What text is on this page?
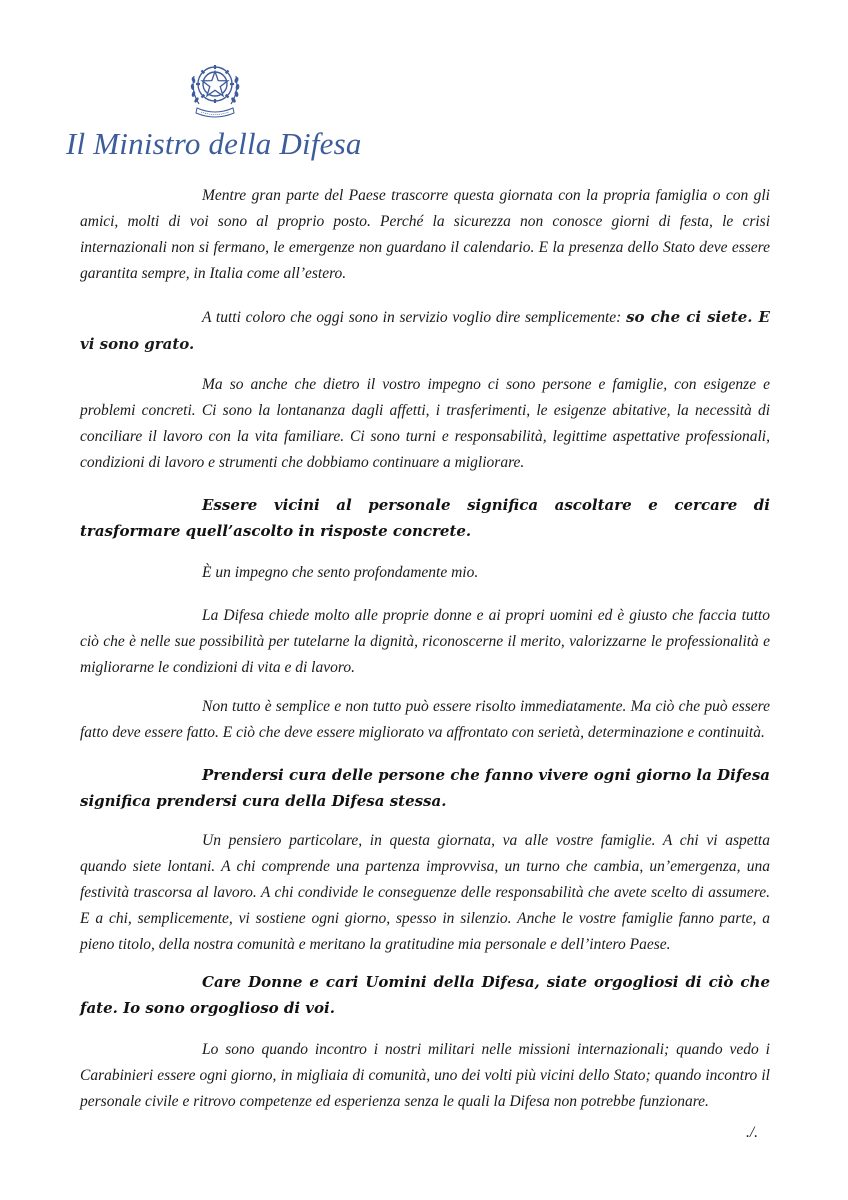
Il Ministro della Difesa

Mentre gran parte del Paese trascorre questa giornata con la propria famiglia o con gli amici, molti di voi sono al proprio posto. Perché la sicurezza non conosce giorni di festa, le crisi internazionali non si fermano, le emergenze non guardano il calendario. E la presenza dello Stato deve essere garantita sempre, in Italia come all’estero.

A tutti coloro che oggi sono in servizio voglio dire semplicemente: so che ci siete. E vi sono grato.

Ma so anche che dietro il vostro impegno ci sono persone e famiglie, con esigenze e problemi concreti. Ci sono la lontananza dagli affetti, i trasferimenti, le esigenze abitative, la necessità di conciliare il lavoro con la vita familiare. Ci sono turni e responsabilità, legittime aspettative professionali, condizioni di lavoro e strumenti che dobbiamo continuare a migliorare.

Essere vicini al personale significa ascoltare e cercare di trasformare quell’ascolto in risposte concrete.

È un impegno che sento profondamente mio.

La Difesa chiede molto alle proprie donne e ai propri uomini ed è giusto che faccia tutto ciò che è nelle sue possibilità per tutelarne la dignità, riconoscerne il merito, valorizzarne le professionalità e migliorarne le condizioni di vita e di lavoro.

Non tutto è semplice e non tutto può essere risolto immediatamente. Ma ciò che può essere fatto deve essere fatto. E ciò che deve essere migliorato va affrontato con serietà, determinazione e continuità.

Prendersi cura delle persone che fanno vivere ogni giorno la Difesa significa prendersi cura della Difesa stessa.

Un pensiero particolare, in questa giornata, va alle vostre famiglie. A chi vi aspetta quando siete lontani. A chi comprende una partenza improvvisa, un turno che cambia, un’emergenza, una festività trascorsa al lavoro. A chi condivide le conseguenze delle responsabilità che avete scelto di assumere. E a chi, semplicemente, vi sostiene ogni giorno, spesso in silenzio. Anche le vostre famiglie fanno parte, a pieno titolo, della nostra comunità e meritano la gratitudine mia personale e dell’intero Paese.

Care Donne e cari Uomini della Difesa, siate orgogliosi di ciò che fate. Io sono orgoglioso di voi.

Lo sono quando incontro i nostri militari nelle missioni internazionali; quando vedo i Carabinieri essere ogni giorno, in migliaia di comunità, uno dei volti più vicini dello Stato; quando incontro il personale civile e ritrovo competenze ed esperienza senza le quali la Difesa non potrebbe funzionare.

./.
